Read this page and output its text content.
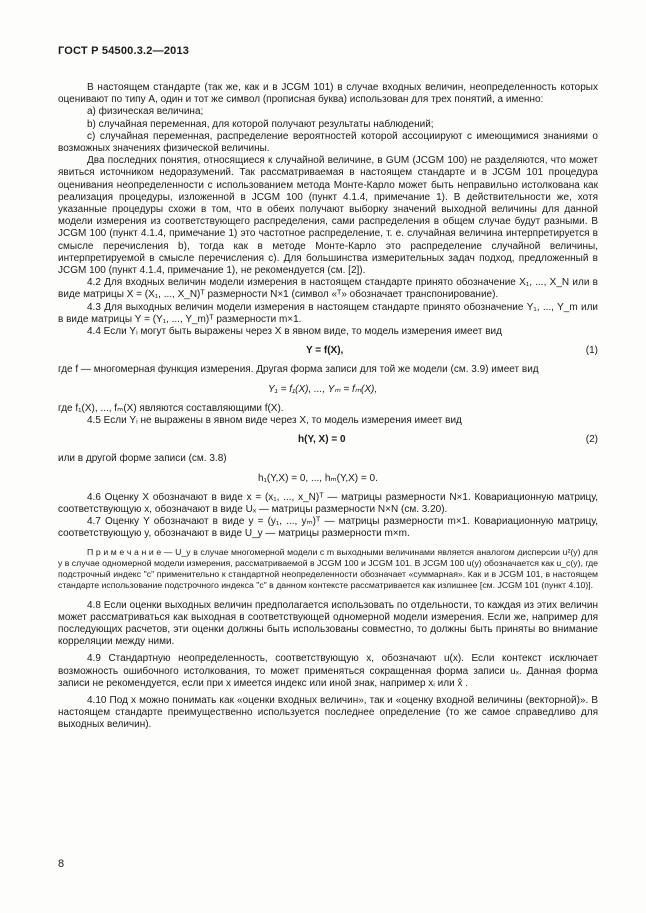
ГОСТ Р 54500.3.2—2013

В настоящем стандарте (так же, как и в JCGM 101) в случае входных величин, неопределенность которых оценивают по типу А, один и тот же символ (прописная буква) использован для трех понятий, а именно:

a) физическая величина;

b) случайная переменная, для которой получают результаты наблюдений;

c) случайная переменная, распределение вероятностей которой ассоциируют с имеющимися знаниями о возможных значениях физической величины.

Два последних понятия, относящиеся к случайной величине, в GUM (JCGM 100) не разделяются, что может явиться источником недоразумений. Так рассматриваемая в настоящем стандарте и в JCGM 101 процедура оценивания неопределенности с использованием метода Монте-Карло может быть неправильно истолкована как реализация процедуры, изложенной в JCGM 100 (пункт 4.1.4, примечание 1). В действительности же, хотя указанные процедуры схожи в том, что в обеих получают выборку значений выходной величины для данной модели измерения из соответствующего распределения, сами распределения в общем случае будут разными. В JCGM 100 (пункт 4.1.4, примечание 1) это частотное распределение, т. е. случайная величина интерпретируется в смысле перечисления b), тогда как в методе Монте-Карло это распределение случайной величины, интерпретируемой в смысле перечисления c). Для большинства измерительных задач подход, предложенный в JCGM 100 (пункт 4.1.4, примечание 1), не рекомендуется (см. [2]).

4.2 Для входных величин модели измерения в настоящем стандарте принято обозначение X₁, ..., X_N или в виде матрицы X = (X₁, ..., X_N)ᵀ размерности N×1 (символ «ᵀ» обозначает транспонирование).

4.3 Для выходных величин модели измерения в настоящем стандарте принято обозначение Y₁, ..., Y_m или в виде матрицы Y = (Y₁, ..., Y_m)ᵀ размерности m×1.

4.4 Если Yᵢ могут быть выражены через X в явном виде, то модель измерения имеет вид

Y = f(X),	(1)

где f — многомерная функция измерения. Другая форма записи для той же модели (см. 3.9) имеет вид

Y₁ = f₁(X), ..., Yₘ = fₘ(X),

где f₁(X), ..., fₘ(X) являются составляющими f(X).

4.5 Если Yᵢ не выражены в явном виде через X, то модель измерения имеет вид

h(Y, X) = 0	(2)

или в другой форме записи (см. 3.8)

h₁(Y,X) = 0, ..., hₘ(Y,X) = 0.

4.6 Оценку X обозначают в виде x = (x₁, ..., x_N)ᵀ — матрицы размерности N×1. Ковариационную матрицу, соответствующую x, обозначают в виде Uₓ — матрицы размерности N×N (см. 3.20).

4.7 Оценку Y обозначают в виде y = (y₁, ..., yₘ)ᵀ — матрицы размерности m×1. Ковариационную матрицу, соответствующую y, обозначают в виде U_y — матрицы размерности m×m.

П р и м е ч а н и е — U_y в случае многомерной модели с m выходными величинами является аналогом дисперсии u²(y) для y в случае одномерной модели измерения, рассматриваемой в JCGM 100 и JCGM 101. В JCGM 100 u(y) обозначается как u_c(y), где подстрочный индекс "c" применительно к стандартной неопределенности обозначает «суммарная». Как и в JCGM 101, в настоящем стандарте использование подстрочного индекса "c" в данном контексте рассматривается как излишнее [см. JCGM 101 (пункт 4.10)].

4.8 Если оценки выходных величин предполагается использовать по отдельности, то каждая из этих величин может рассматриваться как выходная в соответствующей одномерной модели измерения. Если же, например для последующих расчетов, эти оценки должны быть использованы совместно, то должны быть приняты во внимание корреляции между ними.

4.9 Стандартную неопределенность, соответствующую x, обозначают u(x). Если контекст исключает возможность ошибочного истолкования, то может применяться сокращенная форма записи uₓ. Данная форма записи не рекомендуется, если при x имеется индекс или иной знак, например xᵢ или x̂ .

4.10 Под x можно понимать как «оценки входных величин», так и «оценку входной величины (векторной)». В настоящем стандарте преимущественно используется последнее определение (то же самое справедливо для выходных величин).

8
